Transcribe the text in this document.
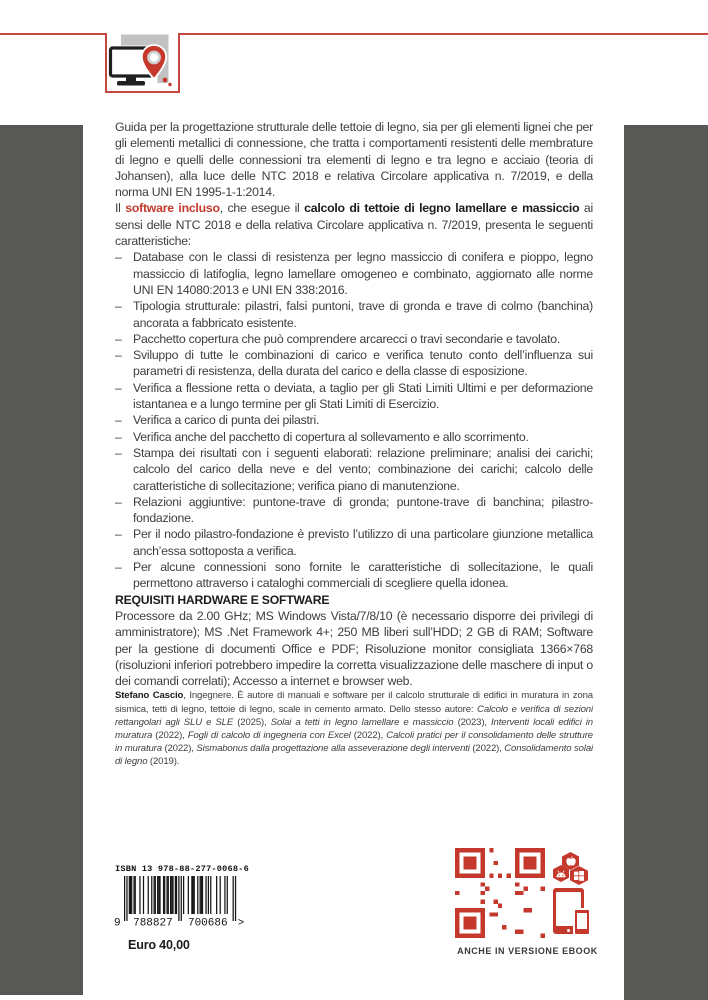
Guida per la progettazione strutturale delle tettoie di legno, sia per gli elementi lignei che per gli elementi metallici di connessione, che tratta i comportamenti resistenti delle membrature di legno e quelli delle connessioni tra elementi di legno e tra legno e acciaio (teoria di Johansen), alla luce delle NTC 2018 e relativa Circolare applicativa n. 7/2019, e della norma UNI EN 1995-1-1:2014.

Il software incluso, che esegue il calcolo di tettoie di legno lamellare e massiccio ai sensi delle NTC 2018 e della relativa Circolare applicativa n. 7/2019, presenta le seguenti caratteristiche:

– Database con le classi di resistenza per legno massiccio di conifera e pioppo, legno massiccio di latifoglia, legno lamellare omogeneo e combinato, aggiornato alle norme UNI EN 14080:2013 e UNI EN 338:2016.
– Tipologia strutturale: pilastri, falsi puntoni, trave di gronda e trave di colmo (banchina) ancorata a fabbricato esistente.
– Pacchetto copertura che può comprendere arcarecci o travi secondarie e tavolato.
– Sviluppo di tutte le combinazioni di carico e verifica tenuto conto dell’influenza sui parametri di resistenza, della durata del carico e della classe di esposizione.
– Verifica a flessione retta o deviata, a taglio per gli Stati Limiti Ultimi e per deformazione istantanea e a lungo termine per gli Stati Limiti di Esercizio.
– Verifica a carico di punta dei pilastri.
– Verifica anche del pacchetto di copertura al sollevamento e allo scorrimento.
– Stampa dei risultati con i seguenti elaborati: relazione preliminare; analisi dei carichi; calcolo del carico della neve e del vento; combinazione dei carichi; calcolo delle caratteristiche di sollecitazione; verifica piano di manutenzione.
– Relazioni aggiuntive: puntone-trave di gronda; puntone-trave di banchina; pilastro-fondazione.
– Per il nodo pilastro-fondazione è previsto l’utilizzo di una particolare giunzione metallica anch’essa sottoposta a verifica.
– Per alcune connessioni sono fornite le caratteristiche di sollecitazione, le quali permettono attraverso i cataloghi commerciali di scegliere quella idonea.

REQUISITI HARDWARE E SOFTWARE

Processore da 2.00 GHz; MS Windows Vista/7/8/10 (è necessario disporre dei privilegi di amministratore); MS .Net Framework 4+; 250 MB liberi sull’HDD; 2 GB di RAM; Software per la gestione di documenti Office e PDF; Risoluzione monitor consigliata 1366×768 (risoluzioni inferiori potrebbero impedire la corretta visualizzazione delle maschere di input o dei comandi correlati); Accesso a internet e browser web.

Stefano Cascio, Ingegnere. È autore di manuali e software per il calcolo strutturale di edifici in muratura in zona sismica, tetti di legno, tettoie di legno, scale in cemento armato. Dello stesso autore: Calcolo e verifica di sezioni rettangolari agli SLU e SLE (2025), Solai a tetti in legno lamellare e massiccio (2023), Interventi locali edifici in muratura (2022), Fogli di calcolo di ingegneria con Excel (2022), Calcoli pratici per il consolidamento delle strutture in muratura (2022), Sismabonus dalla progettazione alla asseverazione degli interventi (2022), Consolidamento solai di legno (2019).

ISBN 13 978-88-277-0068-6
9 788827 700686 >
Euro 40,00	ANCHE IN VERSIONE EBOOK
